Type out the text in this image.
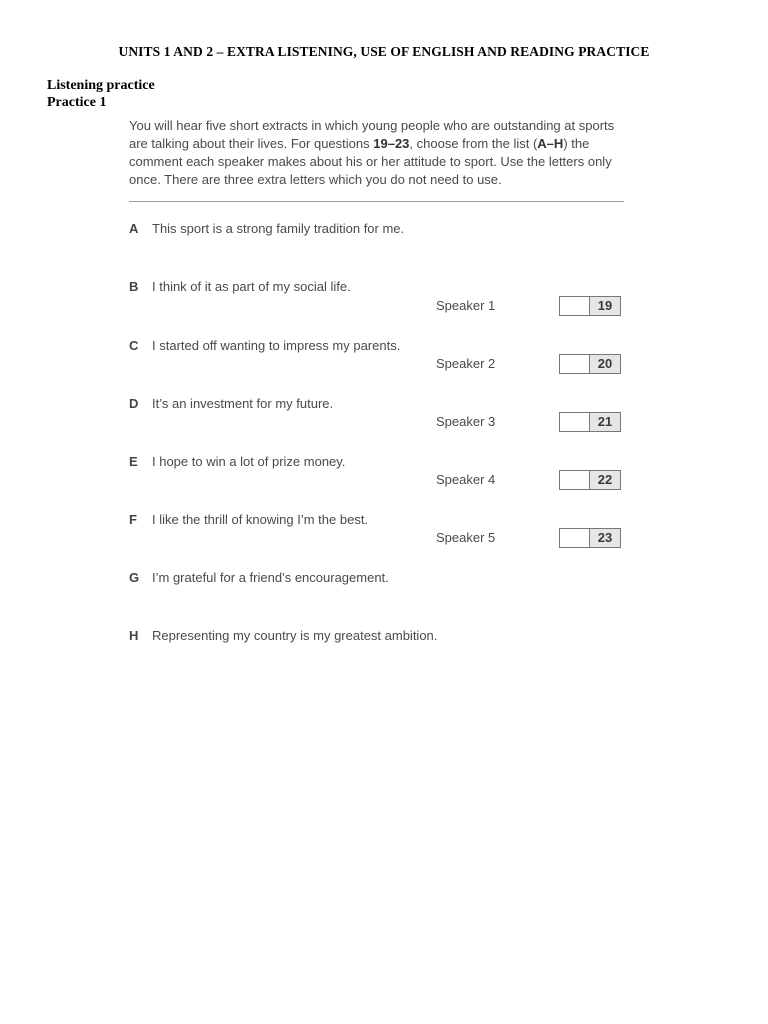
UNITS 1 AND 2 – EXTRA LISTENING, USE OF ENGLISH AND READING PRACTICE
Listening practice
Practice 1
You will hear five short extracts in which young people who are outstanding at sports are talking about their lives. For questions 19–23, choose from the list (A–H) the comment each speaker makes about his or her attitude to sport. Use the letters only once. There are three extra letters which you do not need to use.
A This sport is a strong family tradition for me.
B I think of it as part of my social life.
C I started off wanting to impress my parents.
D It’s an investment for my future.
E I hope to win a lot of prize money.
F I like the thrill of knowing I’m the best.
G I’m grateful for a friend’s encouragement.
H Representing my country is my greatest ambition.
Speaker 1	19
Speaker 2	20
Speaker 3	21
Speaker 4	22
Speaker 5	23
